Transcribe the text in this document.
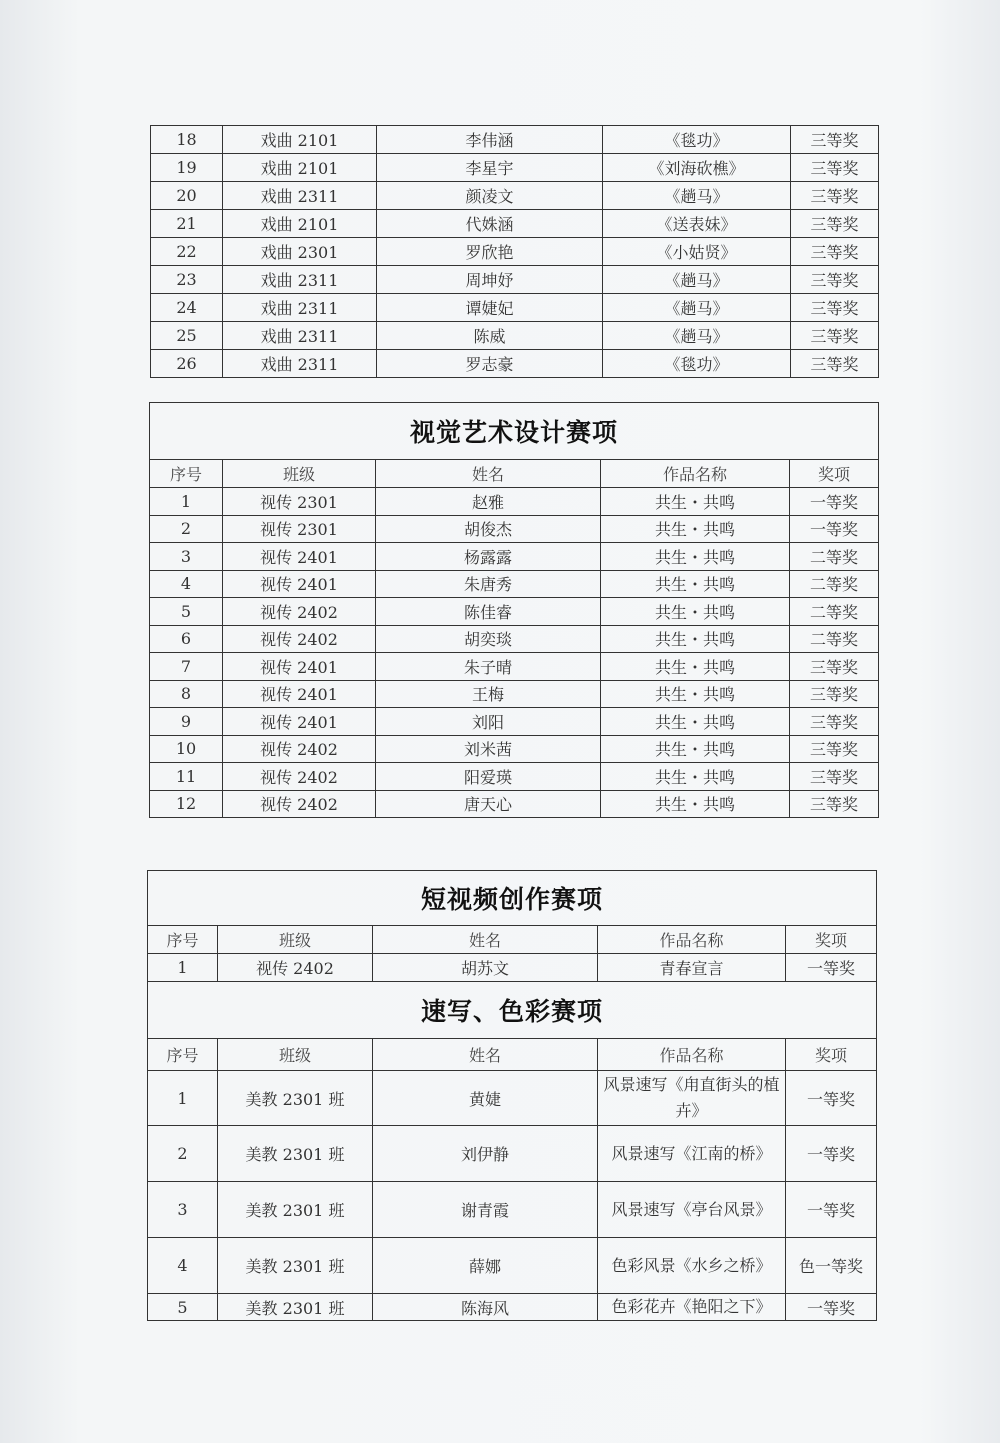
18	戏曲 2101	李伟涵	《毯功》	三等奖
19	戏曲 2101	李星宇	《刘海砍樵》	三等奖
20	戏曲 2311	颜凌文	《趟马》	三等奖
21	戏曲 2101	代姝涵	《送表妹》	三等奖
22	戏曲 2301	罗欣艳	《小姑贤》	三等奖
23	戏曲 2311	周坤妤	《趟马》	三等奖
24	戏曲 2311	谭婕妃	《趟马》	三等奖
25	戏曲 2311	陈威	《趟马》	三等奖
26	戏曲 2311	罗志豪	《毯功》	三等奖
视觉艺术设计赛项				
序号	班级	姓名	作品名称	奖项
1	视传 2301	赵雅	共生・共鸣	一等奖
2	视传 2301	胡俊杰	共生・共鸣	一等奖
3	视传 2401	杨露露	共生・共鸣	二等奖
4	视传 2401	朱唐秀	共生・共鸣	二等奖
5	视传 2402	陈佳睿	共生・共鸣	二等奖
6	视传 2402	胡奕琰	共生・共鸣	二等奖
7	视传 2401	朱子晴	共生・共鸣	三等奖
8	视传 2401	王梅	共生・共鸣	三等奖
9	视传 2401	刘阳	共生・共鸣	三等奖
10	视传 2402	刘米茜	共生・共鸣	三等奖
11	视传 2402	阳爱瑛	共生・共鸣	三等奖
12	视传 2402	唐天心	共生・共鸣	三等奖
短视频创作赛项				
序号	班级	姓名	作品名称	奖项
1	视传 2402	胡苏文	青春宣言	一等奖
速写、色彩赛项				
序号	班级	姓名	作品名称	奖项
1	美教 2301 班	黄婕	风景速写《甪直街头的植卉》	一等奖
2	美教 2301 班	刘伊静	风景速写《江南的桥》	一等奖
3	美教 2301 班	谢青霞	风景速写《亭台风景》	一等奖
4	美教 2301 班	薛娜	色彩风景《水乡之桥》	色一等奖
5	美教 2301 班	陈海风	色彩花卉《艳阳之下》	一等奖
